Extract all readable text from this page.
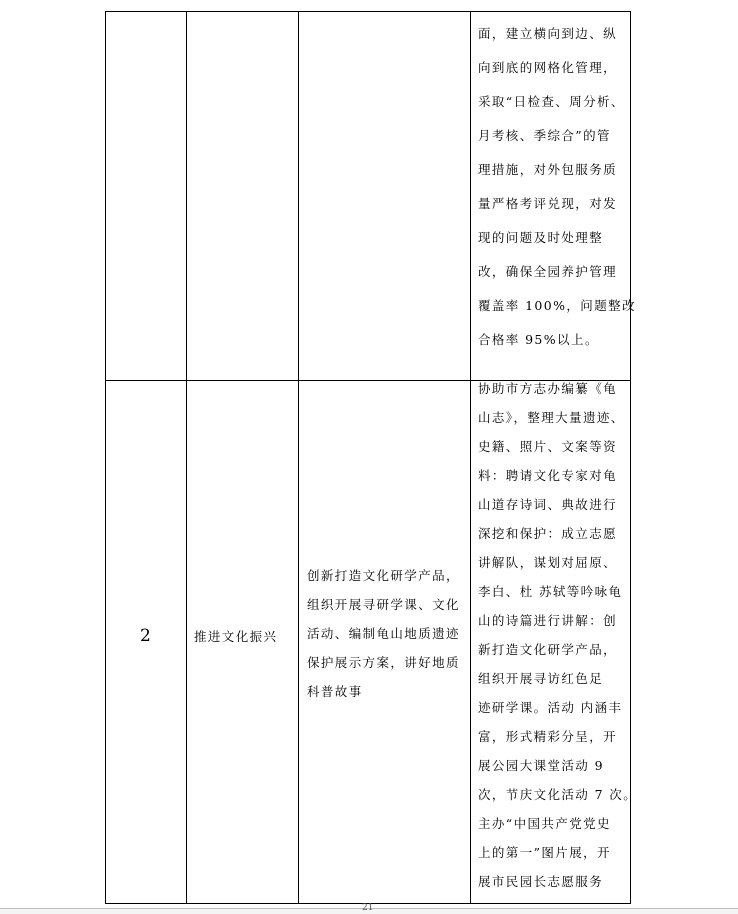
面，建立横向到边、纵
向到底的网格化管理，
采取“日检查、周分析、
月考核、季综合”的管
理措施，对外包服务质
量严格考评兑现，对发
现的问题及时处理整
改，确保全园养护管理
覆盖率 100%，问题整改
合格率 95%以上。
2	推进文化振兴
创新打造文化研学产品，
组织开展寻研学课、文化
活动、编制龟山地质遗迹
保护展示方案，讲好地质
科普故事
协助市方志办编纂《龟
山志》，整理大量遗迹、
史籍、照片、文案等资
料：聘请文化专家对龟
山道存诗词、典故进行
深挖和保护：成立志愿
讲解队，谋划对屈原、
李白、杜 苏轼等吟咏龟
山的诗篇进行讲解：创
新打造文化研学产品，
组织开展寻访红色足
迹研学课。活动 内涵丰
富，形式精彩分呈，开
展公园大课堂活动 9
次，节庆文化活动 7 次。
主办“中国共产党党史
上的第一”图片展，开
展市民园长志愿服务
21
